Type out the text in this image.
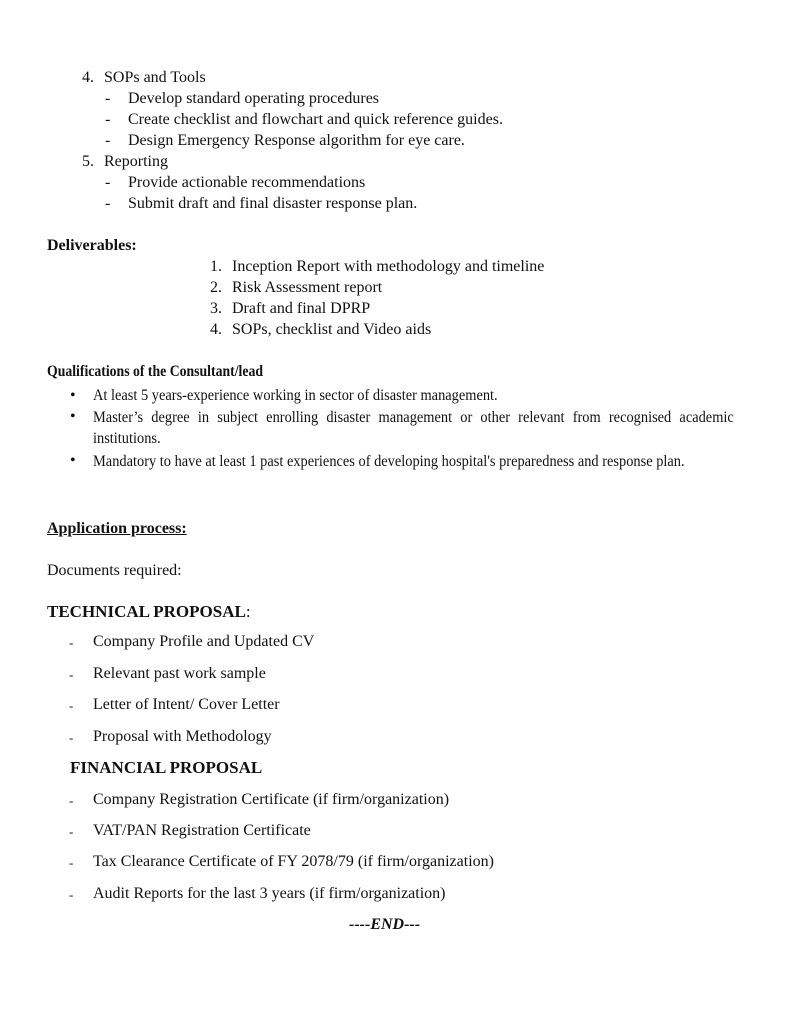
4. SOPs and Tools
- Develop standard operating procedures
- Create checklist and flowchart and quick reference guides.
- Design Emergency Response algorithm for eye care.
5. Reporting
- Provide actionable recommendations
- Submit draft and final disaster response plan.
Deliverables:
1. Inception Report with methodology and timeline
2. Risk Assessment report
3. Draft and final DPRP
4. SOPs, checklist and Video aids
Qualifications of the Consultant/lead
• At least 5 years-experience working in sector of disaster management.
• Master’s degree in subject enrolling disaster management or other relevant from recognised academic institutions.
• Mandatory to have at least 1 past experiences of developing hospital's preparedness and response plan.
Application process:
Documents required:
TECHNICAL PROPOSAL:
- Company Profile and Updated CV
- Relevant past work sample
- Letter of Intent/ Cover Letter
- Proposal with Methodology
FINANCIAL PROPOSAL
- Company Registration Certificate (if firm/organization)
- VAT/PAN Registration Certificate
- Tax Clearance Certificate of FY 2078/79 (if firm/organization)
- Audit Reports for the last 3 years (if firm/organization)
----END---
